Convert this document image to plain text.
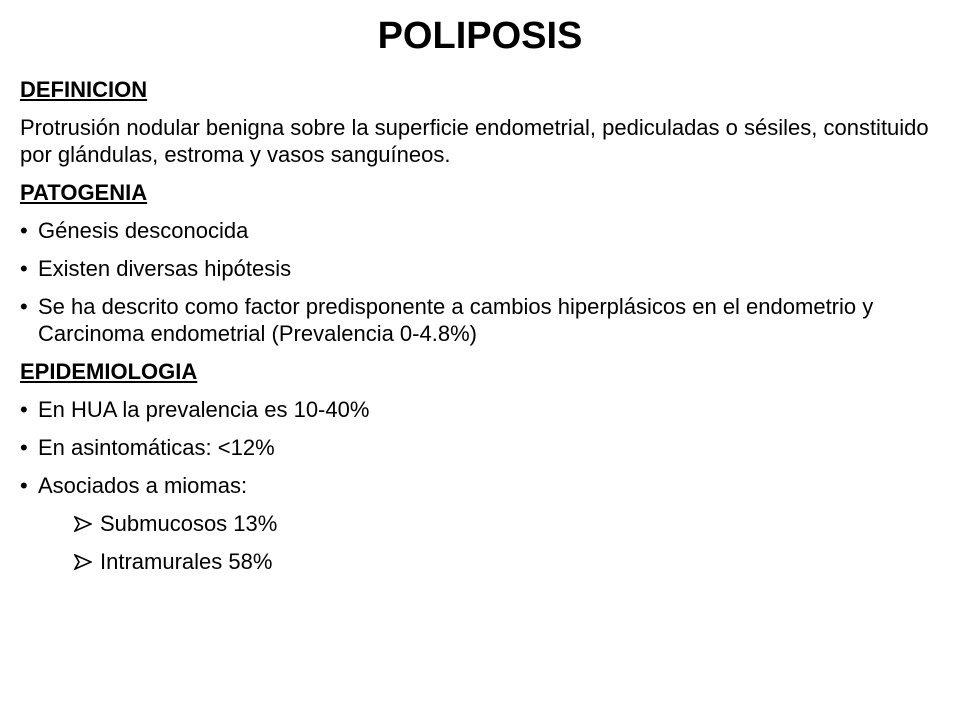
POLIPOSIS
DEFINICION
Protrusión nodular benigna sobre la superficie endometrial, pediculadas o sésiles, constituido por glándulas, estroma y vasos sanguíneos.
PATOGENIA
• Génesis desconocida
• Existen diversas hipótesis
• Se ha descrito como factor predisponente a cambios hiperplásicos en el endometrio y Carcinoma endometrial (Prevalencia 0-4.8%)
EPIDEMIOLOGIA
• En HUA la prevalencia es 10-40%
• En asintomáticas: <12%
• Asociados a miomas:
Submucosos 13%
Intramurales 58%
